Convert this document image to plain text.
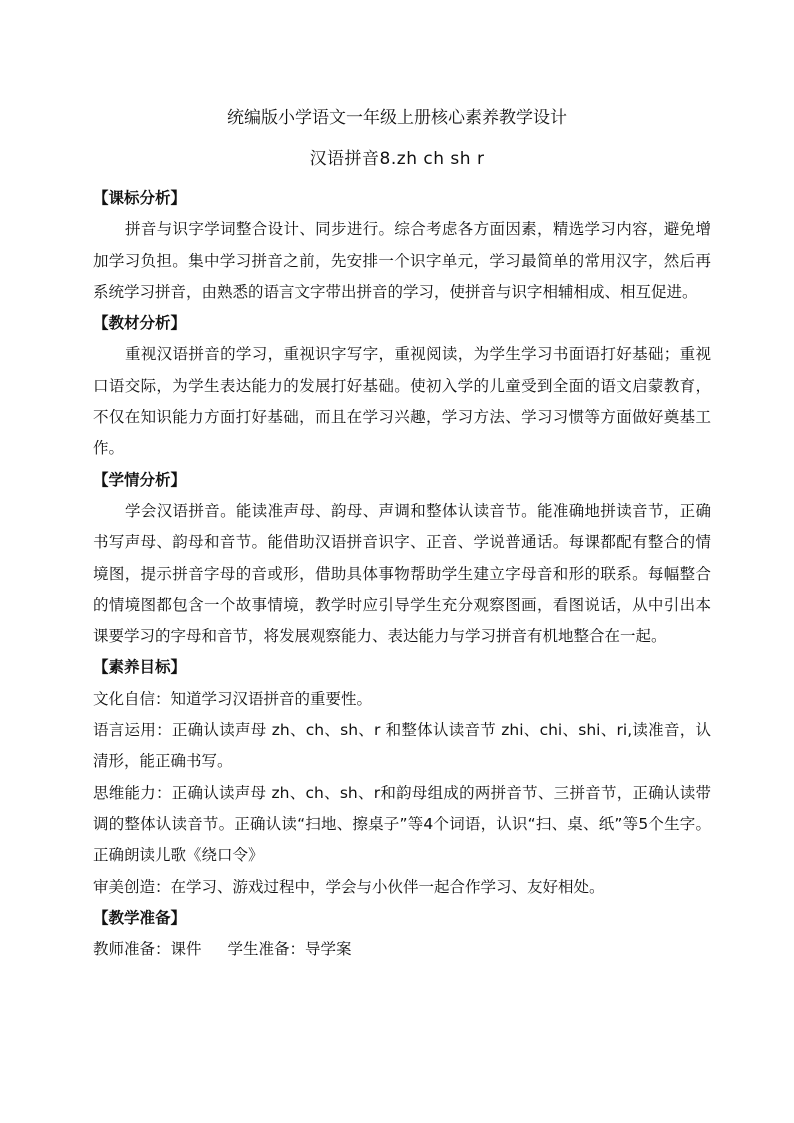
统编版小学语文一年级上册核心素养教学设计
汉语拼音8.zh ch sh r

【课标分析】

拼音与识字学词整合设计、同步进行。综合考虑各方面因素，精选学习内容，避免增加学习负担。集中学习拼音之前，先安排一个识字单元，学习最简单的常用汉字，然后再系统学习拼音，由熟悉的语言文字带出拼音的学习，使拼音与识字相辅相成、相互促进。

【教材分析】

重视汉语拼音的学习，重视识字写字，重视阅读，为学生学习书面语打好基础；重视口语交际，为学生表达能力的发展打好基础。使初入学的儿童受到全面的语文启蒙教育，不仅在知识能力方面打好基础，而且在学习兴趣，学习方法、学习习惯等方面做好奠基工作。

【学情分析】

学会汉语拼音。能读准声母、韵母、声调和整体认读音节。能准确地拼读音节，正确书写声母、韵母和音节。能借助汉语拼音识字、正音、学说普通话。每课都配有整合的情境图，提示拼音字母的音或形，借助具体事物帮助学生建立字母音和形的联系。每幅整合的情境图都包含一个故事情境，教学时应引导学生充分观察图画，看图说话，从中引出本课要学习的字母和音节，将发展观察能力、表达能力与学习拼音有机地整合在一起。

【素养目标】

文化自信：知道学习汉语拼音的重要性。

语言运用：正确认读声母 zh、ch、sh、r 和整体认读音节 zhi、chi、shi、ri,读准音，认清形，能正确书写。

思维能力：正确认读声母 zh、ch、sh、r和韵母组成的两拼音节、三拼音节，正确认读带调的整体认读音节。正确认读“扫地、擦桌子”等4个词语，认识“扫、桌、纸”等5个生字。正确朗读儿歌《绕口令》

审美创造：在学习、游戏过程中，学会与小伙伴一起合作学习、友好相处。

【教学准备】

教师准备：课件 学生准备：导学案
